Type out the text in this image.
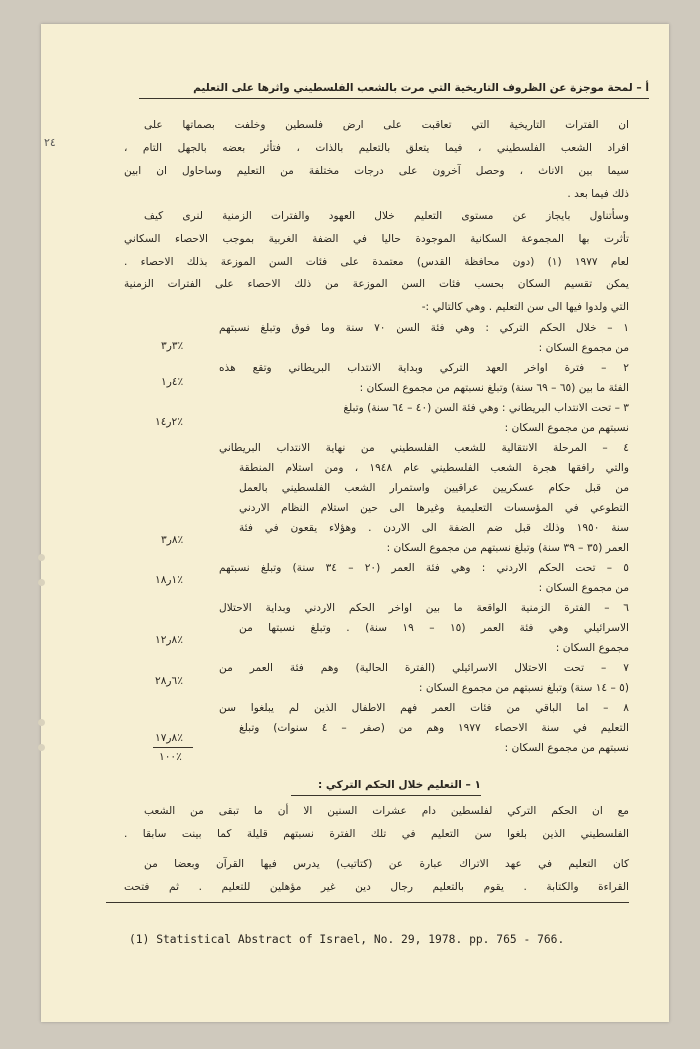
أ – لمحة موجزة عن الظروف التاريخية التي مرت بالشعب الفلسطيني واثرها على التعليم
٢٤
ان الفترات التاريخية التي تعاقبت على ارض فلسطين وخلفت بصماتها على
افراد الشعب الفلسطيني ، فيما يتعلق بالتعليم بالذات ، فتأثر بعضه بالجهل التام ،
سيما بين الاناث ، وحصل آخرون على درجات مختلفة من التعليم وساحاول ان ابين
ذلك فيما بعد .
وسأتناول بايجاز عن مستوى التعليم خلال العهود والفترات الزمنية لنرى كيف
تأثرت بها المجموعة السكانية الموجودة حاليا في الضفة الغربية بموجب الاحصاء السكاني
لعام ١٩٧٧ (١) (دون محافظة القدس) معتمدة على فئات السن الموزعة بذلك الاحصاء .
يمكن تقسيم السكان بحسب فئات السن الموزعة من ذلك الاحصاء على الفترات الزمنية
التي ولدوا فيها الى سن التعليم . وهي كالتالي :-
١ – خلال الحكم التركي : وهي فئة السن ٧٠ سنة وما فوق وتبلغ نسبتهم
من مجموع السكان :
٢ – فترة اواخر العهد التركي وبداية الانتداب البريطاني وتقع هذه
الفئة ما بين (٦٥ – ٦٩ سنة) وتبلغ نسبتهم من مجموع السكان :
٣ – تحت الانتداب البريطاني : وهي فئة السن (٤٠ – ٦٤ سنة) وتبلغ
نسبتهم من مجموع السكان :
٤ – المرحلة الانتقالية للشعب الفلسطيني من نهاية الانتداب البريطاني
والتي رافقها هجرة الشعب الفلسطيني عام ١٩٤٨ ، ومن استلام المنطقة
من قبل حكام عسكريين عراقيين واستمرار الشعب الفلسطيني بالعمل
التطوعي في المؤسسات التعليمية وغيرها الى حين استلام النظام الاردني
سنة ١٩٥٠ وذلك قبل ضم الضفة الى الاردن . وهؤلاء يقعون في فئة
العمر (٣٥ – ٣٩ سنة) وتبلغ نسبتهم من مجموع السكان :
٥ – تحت الحكم الاردني : وهي فئة العمر (٢٠ – ٣٤ سنة) وتبلغ نسبتهم
من مجموع السكان :
٦ – الفترة الزمنية الواقعة ما بين اواخر الحكم الاردني وبداية الاحتلال
الاسرائيلي وهي فئة العمر (١٥ – ١٩ سنة) . وتبلغ نسبتها من
مجموع السكان :
٧ – تحت الاحتلال الاسرائيلي (الفترة الحالية) وهم فئة العمر من
(٥ – ١٤ سنة) وتبلغ نسبتهم من مجموع السكان :
٨ – اما الباقي من فئات العمر فهم الاطفال الذين لم يبلغوا سن
التعليم في سنة الاحصاء ١٩٧٧ وهم من (صفر – ٤ سنوات) وتبلغ
نسبتهم من مجموع السكان :
٣ر٣٪
٤ر١٪
٢ر١٤٪
٨ر٣٪
١ر١٨٪
٨ر١٢٪
٦ر٢٨٪
٨ر١٧٪
١٠٠٪
١ – التعليم خلال الحكم التركي :
مع ان الحكم التركي لفلسطين دام عشرات السنين الا أن ما تبقى من الشعب
الفلسطيني الذين بلغوا سن التعليم في تلك الفترة نسبتهم قليلة كما بينت سابقا .
كان التعليم في عهد الاتراك عبارة عن (كتاتيب) يدرس فيها القرآن وبعضا من
القراءة والكتابة . يقوم بالتعليم رجال دين غير مؤهلين للتعليم . ثم فتحت
(1) Statistical Abstract of Israel, No. 29, 1978. pp. 765 - 766.
